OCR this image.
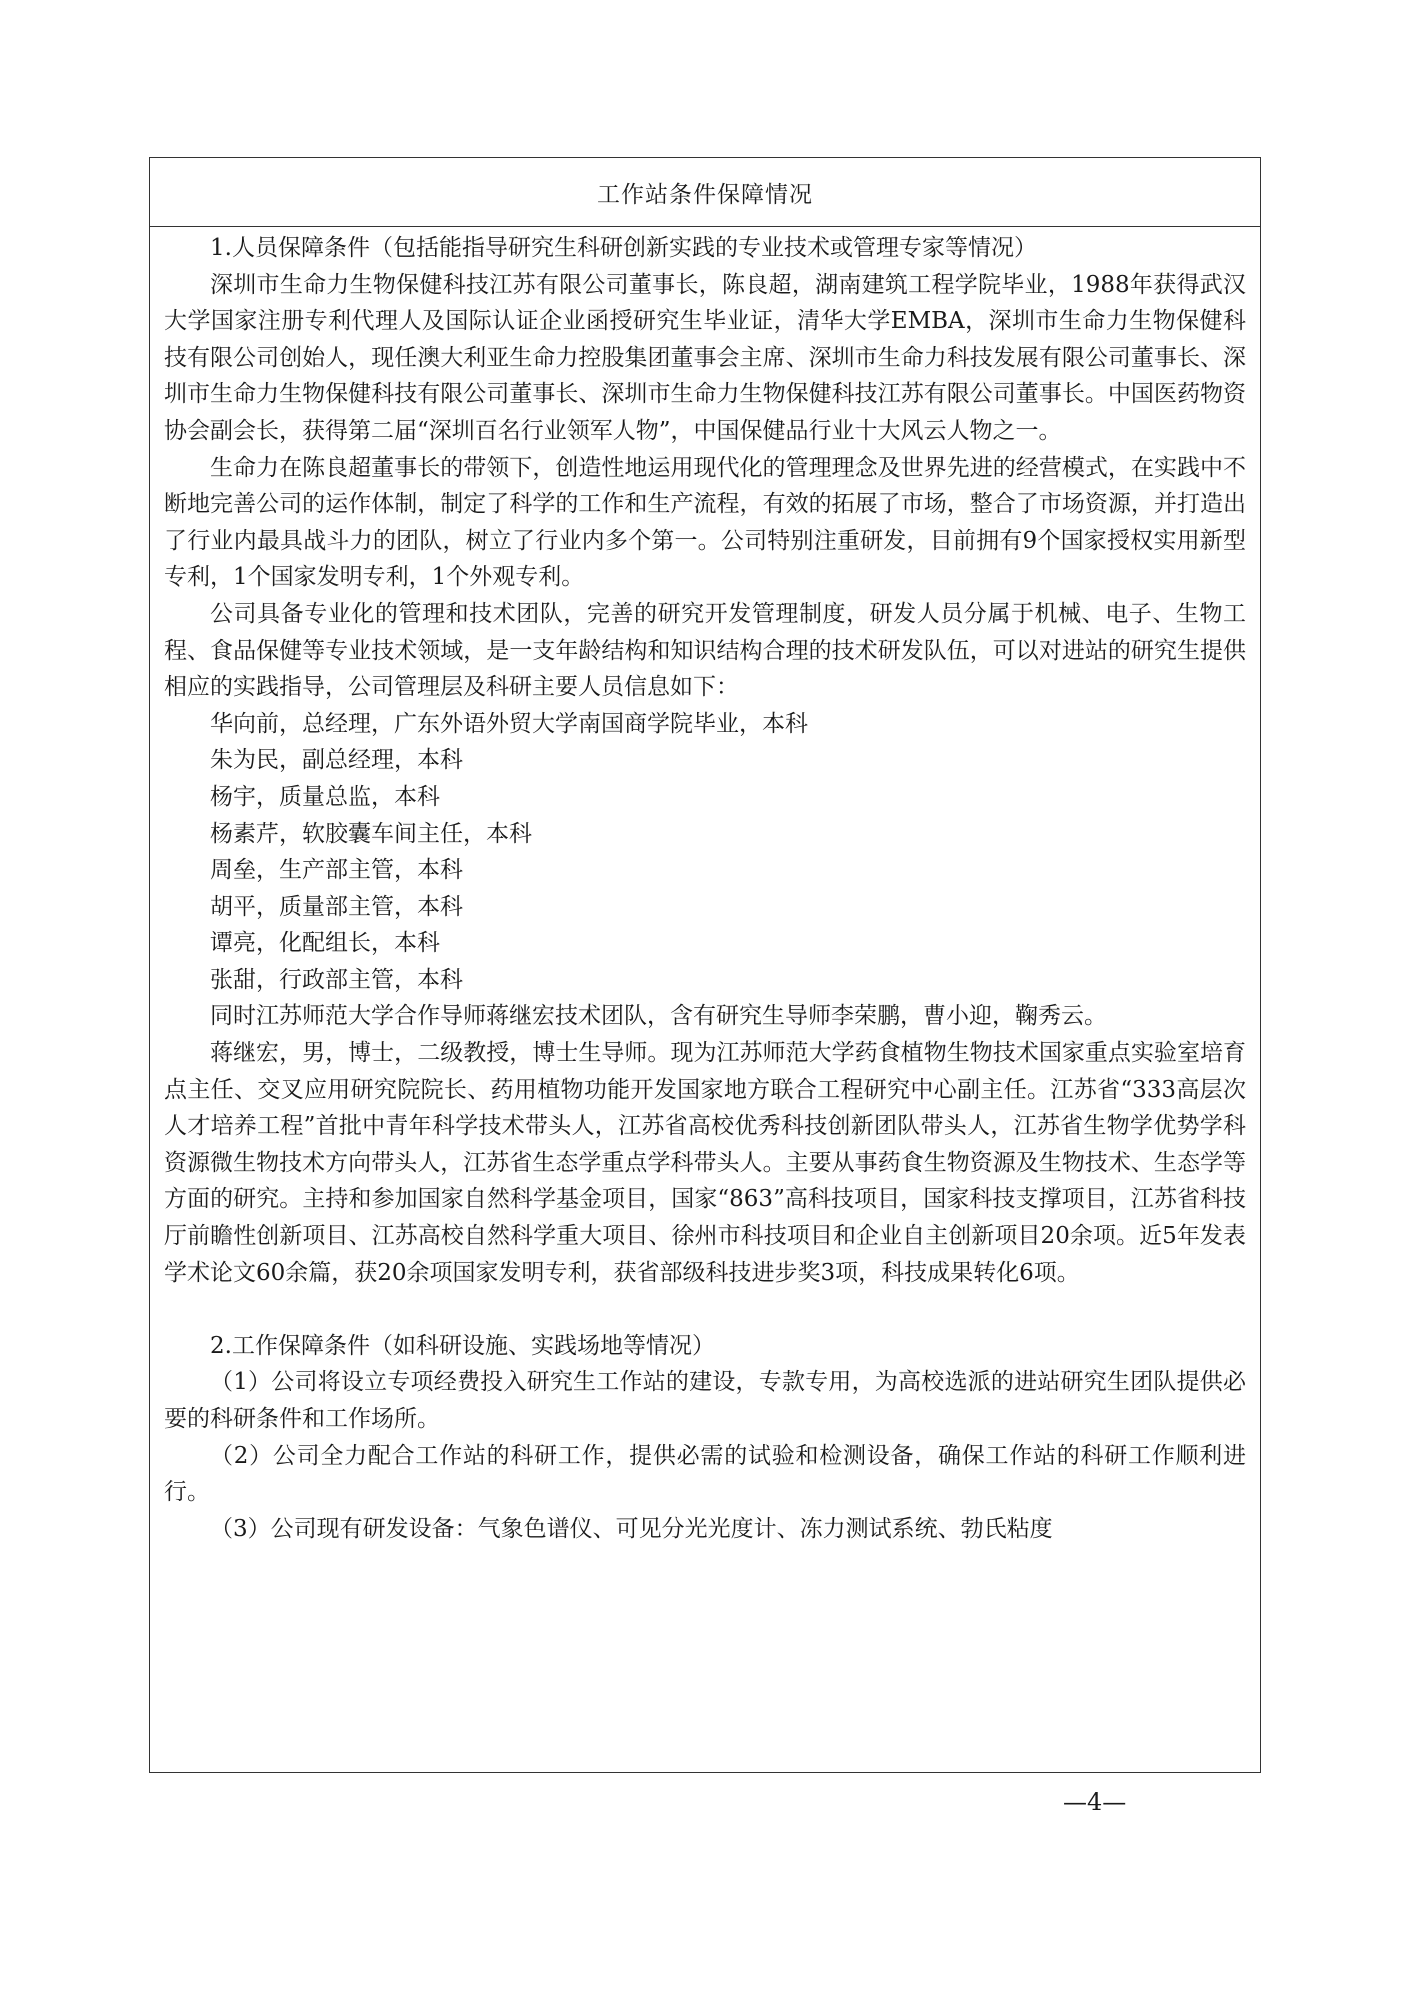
工作站条件保障情况

1.人员保障条件（包括能指导研究生科研创新实践的专业技术或管理专家等情况）

深圳市生命力生物保健科技江苏有限公司董事长，陈良超，湖南建筑工程学院毕业，1988年获得武汉大学国家注册专利代理人及国际认证企业函授研究生毕业证，清华大学EMBA，深圳市生命力生物保健科技有限公司创始人，现任澳大利亚生命力控股集团董事会主席、深圳市生命力科技发展有限公司董事长、深圳市生命力生物保健科技有限公司董事长、深圳市生命力生物保健科技江苏有限公司董事长。中国医药物资协会副会长，获得第二届“深圳百名行业领军人物”，中国保健品行业十大风云人物之一。

生命力在陈良超董事长的带领下，创造性地运用现代化的管理理念及世界先进的经营模式，在实践中不断地完善公司的运作体制，制定了科学的工作和生产流程，有效的拓展了市场，整合了市场资源，并打造出了行业内最具战斗力的团队，树立了行业内多个第一。公司特别注重研发，目前拥有9个国家授权实用新型专利，1个国家发明专利，1个外观专利。

公司具备专业化的管理和技术团队，完善的研究开发管理制度，研发人员分属于机械、电子、生物工程、食品保健等专业技术领域，是一支年龄结构和知识结构合理的技术研发队伍，可以对进站的研究生提供相应的实践指导，公司管理层及科研主要人员信息如下：

华向前，总经理，广东外语外贸大学南国商学院毕业，本科

朱为民，副总经理，本科

杨宇，质量总监，本科

杨素芹，软胶囊车间主任，本科

周垒，生产部主管，本科

胡平，质量部主管，本科

谭亮，化配组长，本科

张甜，行政部主管，本科

同时江苏师范大学合作导师蒋继宏技术团队，含有研究生导师李荣鹏，曹小迎，鞠秀云。

蒋继宏，男，博士，二级教授，博士生导师。现为江苏师范大学药食植物生物技术国家重点实验室培育点主任、交叉应用研究院院长、药用植物功能开发国家地方联合工程研究中心副主任。江苏省“333高层次人才培养工程”首批中青年科学技术带头人，江苏省高校优秀科技创新团队带头人，江苏省生物学优势学科资源微生物技术方向带头人，江苏省生态学重点学科带头人。主要从事药食生物资源及生物技术、生态学等方面的研究。主持和参加国家自然科学基金项目，国家“863”高科技项目，国家科技支撑项目，江苏省科技厅前瞻性创新项目、江苏高校自然科学重大项目、徐州市科技项目和企业自主创新项目20余项。近5年发表学术论文60余篇，获20余项国家发明专利，获省部级科技进步奖3项，科技成果转化6项。

2.工作保障条件（如科研设施、实践场地等情况）

（1）公司将设立专项经费投入研究生工作站的建设，专款专用，为高校选派的进站研究生团队提供必要的科研条件和工作场所。

（2）公司全力配合工作站的科研工作，提供必需的试验和检测设备，确保工作站的科研工作顺利进行。

（3）公司现有研发设备：气象色谱仪、可见分光光度计、冻力测试系统、勃氏粘度

—4—
